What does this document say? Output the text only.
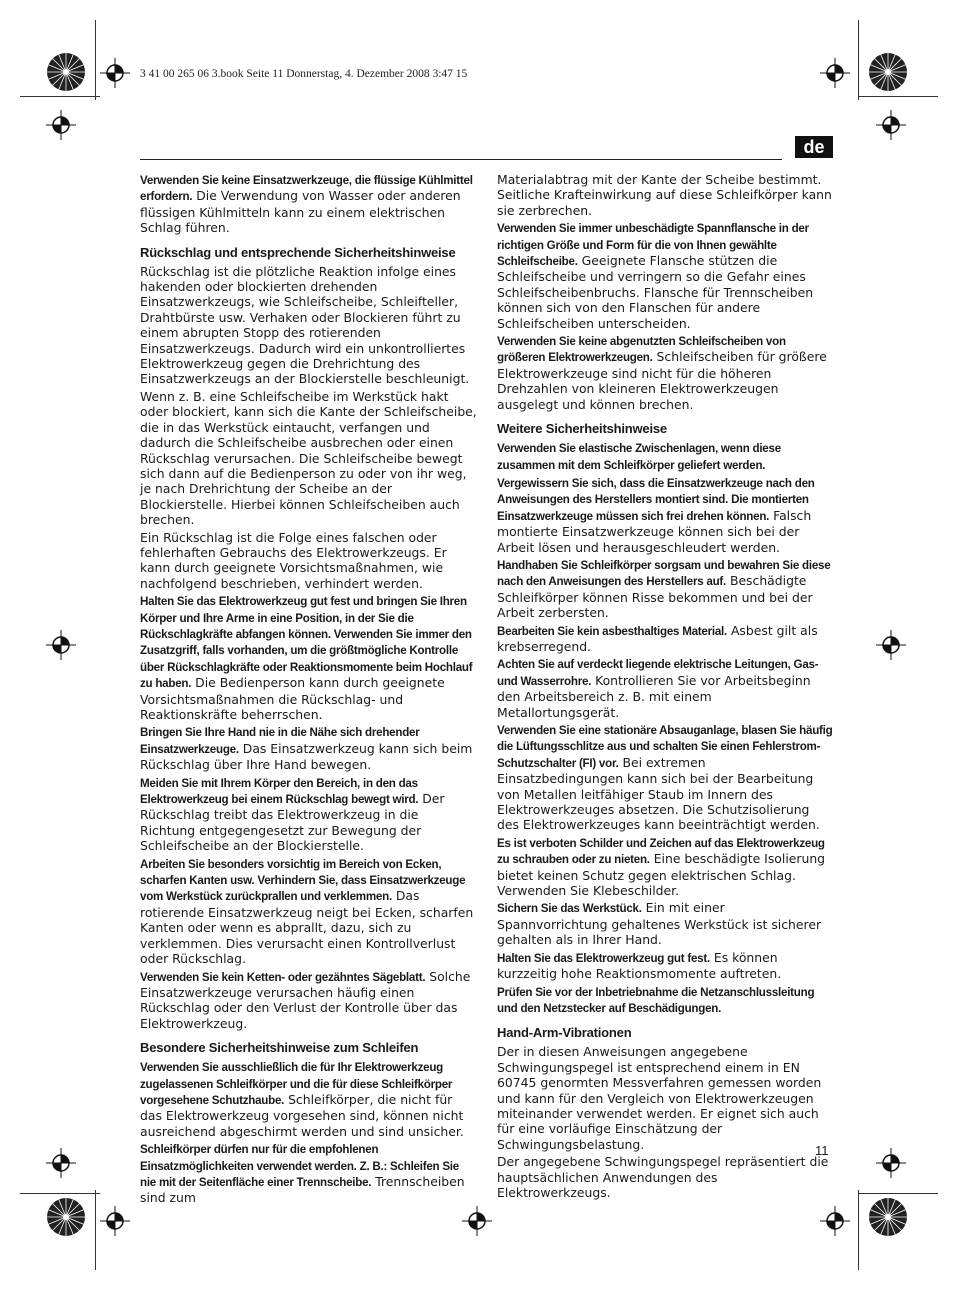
3 41 00 265 06 3.book Seite 11 Donnerstag, 4. Dezember 2008 3:47 15
de

Verwenden Sie keine Einsatzwerkzeuge, die flüssige Kühlmittel erfordern. Die Verwendung von Wasser oder anderen flüssigen Kühlmitteln kann zu einem elektrischen Schlag führen.

Rückschlag und entsprechende Sicherheitshinweise

Rückschlag ist die plötzliche Reaktion infolge eines hakenden oder blockierten drehenden Einsatzwerkzeugs, wie Schleifscheibe, Schleifteller, Drahtbürste usw. Verhaken oder Blockieren führt zu einem abrupten Stopp des rotierenden Einsatzwerkzeugs. Dadurch wird ein unkontrolliertes Elektrowerkzeug gegen die Drehrichtung des Einsatzwerkzeugs an der Blockierstelle beschleunigt.

Wenn z. B. eine Schleifscheibe im Werkstück hakt oder blockiert, kann sich die Kante der Schleifscheibe, die in das Werkstück eintaucht, verfangen und dadurch die Schleifscheibe ausbrechen oder einen Rückschlag verursachen. Die Schleifscheibe bewegt sich dann auf die Bedienperson zu oder von ihr weg, je nach Drehrichtung der Scheibe an der Blockierstelle. Hierbei können Schleifscheiben auch brechen.

Ein Rückschlag ist die Folge eines falschen oder fehlerhaften Gebrauchs des Elektrowerkzeugs. Er kann durch geeignete Vorsichtsmaßnahmen, wie nachfolgend beschrieben, verhindert werden.

Halten Sie das Elektrowerkzeug gut fest und bringen Sie Ihren Körper und Ihre Arme in eine Position, in der Sie die Rückschlagkräfte abfangen können. Verwenden Sie immer den Zusatzgriff, falls vorhanden, um die größtmögliche Kontrolle über Rückschlagkräfte oder Reaktionsmomente beim Hochlauf zu haben. Die Bedienperson kann durch geeignete Vorsichtsmaßnahmen die Rückschlag- und Reaktionskräfte beherrschen.

Bringen Sie Ihre Hand nie in die Nähe sich drehender Einsatzwerkzeuge. Das Einsatzwerkzeug kann sich beim Rückschlag über Ihre Hand bewegen.

Meiden Sie mit Ihrem Körper den Bereich, in den das Elektrowerkzeug bei einem Rückschlag bewegt wird. Der Rückschlag treibt das Elektrowerkzeug in die Richtung entgegengesetzt zur Bewegung der Schleifscheibe an der Blockierstelle.

Arbeiten Sie besonders vorsichtig im Bereich von Ecken, scharfen Kanten usw. Verhindern Sie, dass Einsatzwerkzeuge vom Werkstück zurückprallen und verklemmen. Das rotierende Einsatzwerkzeug neigt bei Ecken, scharfen Kanten oder wenn es abprallt, dazu, sich zu verklemmen. Dies verursacht einen Kontrollverlust oder Rückschlag.

Verwenden Sie kein Ketten- oder gezähntes Sägeblatt. Solche Einsatzwerkzeuge verursachen häufig einen Rückschlag oder den Verlust der Kontrolle über das Elektrowerkzeug.

Besondere Sicherheitshinweise zum Schleifen

Verwenden Sie ausschließlich die für Ihr Elektrowerkzeug zugelassenen Schleifkörper und die für diese Schleifkörper vorgesehene Schutzhaube. Schleifkörper, die nicht für das Elektrowerkzeug vorgesehen sind, können nicht ausreichend abgeschirmt werden und sind unsicher.

Schleifkörper dürfen nur für die empfohlenen Einsatzmöglichkeiten verwendet werden. Z. B.: Schleifen Sie nie mit der Seitenfläche einer Trennscheibe. Trennscheiben sind zum

Materialabtrag mit der Kante der Scheibe bestimmt. Seitliche Krafteinwirkung auf diese Schleifkörper kann sie zerbrechen.

Verwenden Sie immer unbeschädigte Spannflansche in der richtigen Größe und Form für die von Ihnen gewählte Schleifscheibe. Geeignete Flansche stützen die Schleifscheibe und verringern so die Gefahr eines Schleifscheibenbruchs. Flansche für Trennscheiben können sich von den Flanschen für andere Schleifscheiben unterscheiden.

Verwenden Sie keine abgenutzten Schleifscheiben von größeren Elektrowerkzeugen. Schleifscheiben für größere Elektrowerkzeuge sind nicht für die höheren Drehzahlen von kleineren Elektrowerkzeugen ausgelegt und können brechen.

Weitere Sicherheitshinweise

Verwenden Sie elastische Zwischenlagen, wenn diese zusammen mit dem Schleifkörper geliefert werden.

Vergewissern Sie sich, dass die Einsatzwerkzeuge nach den Anweisungen des Herstellers montiert sind. Die montierten Einsatzwerkzeuge müssen sich frei drehen können. Falsch montierte Einsatzwerkzeuge können sich bei der Arbeit lösen und herausgeschleudert werden.

Handhaben Sie Schleifkörper sorgsam und bewahren Sie diese nach den Anweisungen des Herstellers auf. Beschädigte Schleifkörper können Risse bekommen und bei der Arbeit zerbersten.

Bearbeiten Sie kein asbesthaltiges Material. Asbest gilt als krebserregend.

Achten Sie auf verdeckt liegende elektrische Leitungen, Gas- und Wasserrohre. Kontrollieren Sie vor Arbeitsbeginn den Arbeitsbereich z. B. mit einem Metallortungsgerät.

Verwenden Sie eine stationäre Absauganlage, blasen Sie häufig die Lüftungsschlitze aus und schalten Sie einen Fehlerstrom-Schutzschalter (FI) vor. Bei extremen Einsatzbedingungen kann sich bei der Bearbeitung von Metallen leitfähiger Staub im Innern des Elektrowerkzeuges absetzen. Die Schutzisolierung des Elektrowerkzeuges kann beeinträchtigt werden.

Es ist verboten Schilder und Zeichen auf das Elektrowerkzeug zu schrauben oder zu nieten. Eine beschädigte Isolierung bietet keinen Schutz gegen elektrischen Schlag. Verwenden Sie Klebeschilder.

Sichern Sie das Werkstück. Ein mit einer Spannvorrichtung gehaltenes Werkstück ist sicherer gehalten als in Ihrer Hand.

Halten Sie das Elektrowerkzeug gut fest. Es können kurzzeitig hohe Reaktionsmomente auftreten.

Prüfen Sie vor der Inbetriebnahme die Netzanschlussleitung und den Netzstecker auf Beschädigungen.

Hand-Arm-Vibrationen

Der in diesen Anweisungen angegebene Schwingungspegel ist entsprechend einem in EN 60745 genormten Messverfahren gemessen worden und kann für den Vergleich von Elektrowerkzeugen miteinander verwendet werden. Er eignet sich auch für eine vorläufige Einschätzung der Schwingungsbelastung.

Der angegebene Schwingungspegel repräsentiert die hauptsächlichen Anwendungen des Elektrowerkzeugs.

11
